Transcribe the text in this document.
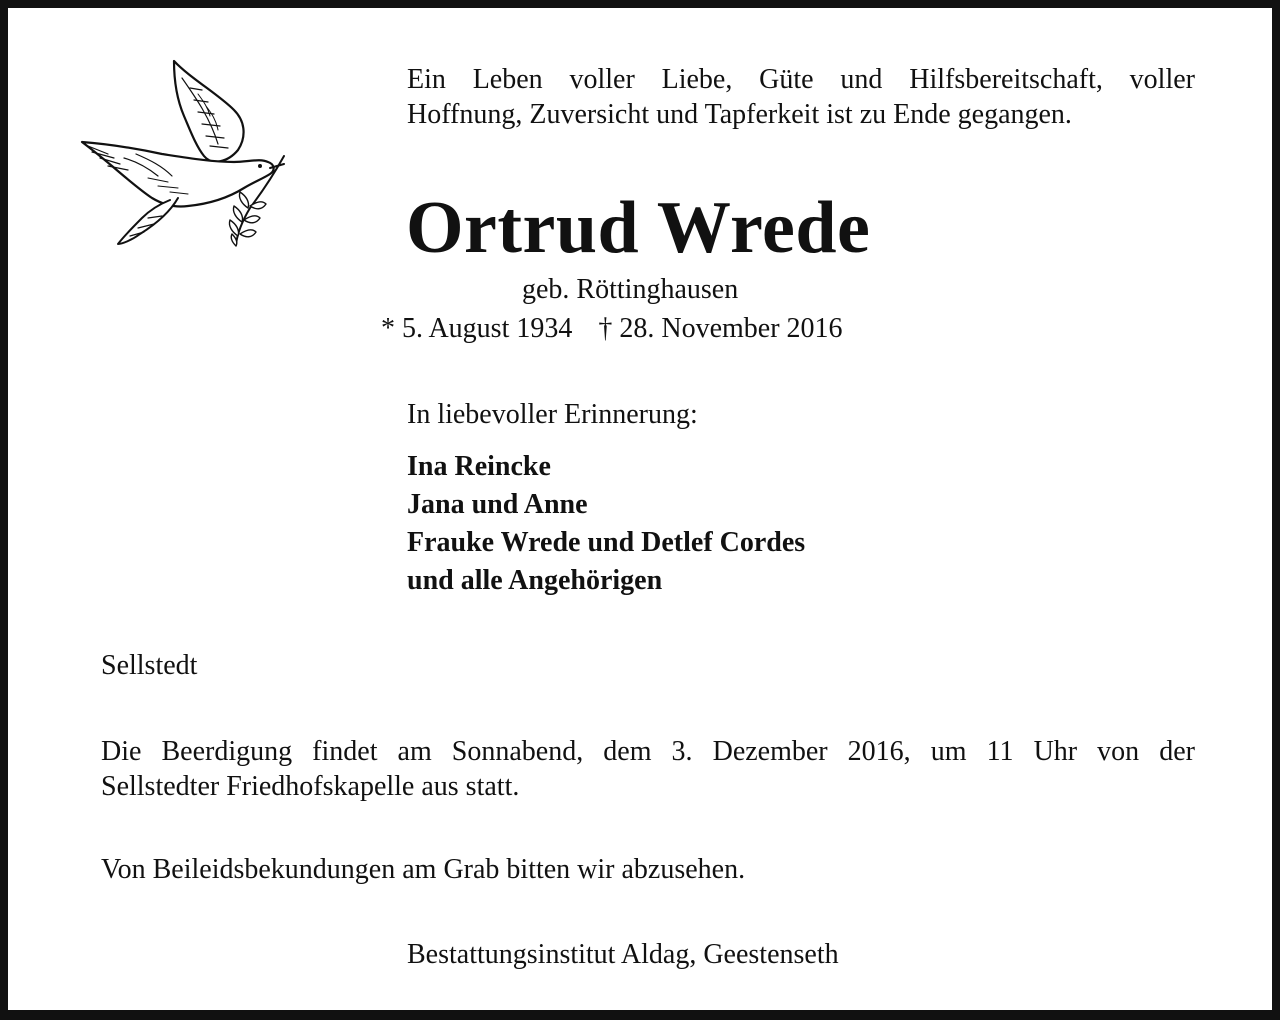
Ein Leben voller Liebe, Güte und Hilfsbereitschaft, voller
Hoffnung, Zuversicht und Tapferkeit ist zu Ende gegangen.
Ortrud Wrede
geb. Röttinghausen
* 5. August 1934 † 28. November 2016
In liebevoller Erinnerung:
Ina Reincke
Jana und Anne
Frauke Wrede und Detlef Cordes
und alle Angehörigen
Sellstedt
Die Beerdigung findet am Sonnabend, dem 3. Dezember 2016, um 11 Uhr von der
Sellstedter Friedhofskapelle aus statt.
Von Beileidsbekundungen am Grab bitten wir abzusehen.
Bestattungsinstitut Aldag, Geestenseth
